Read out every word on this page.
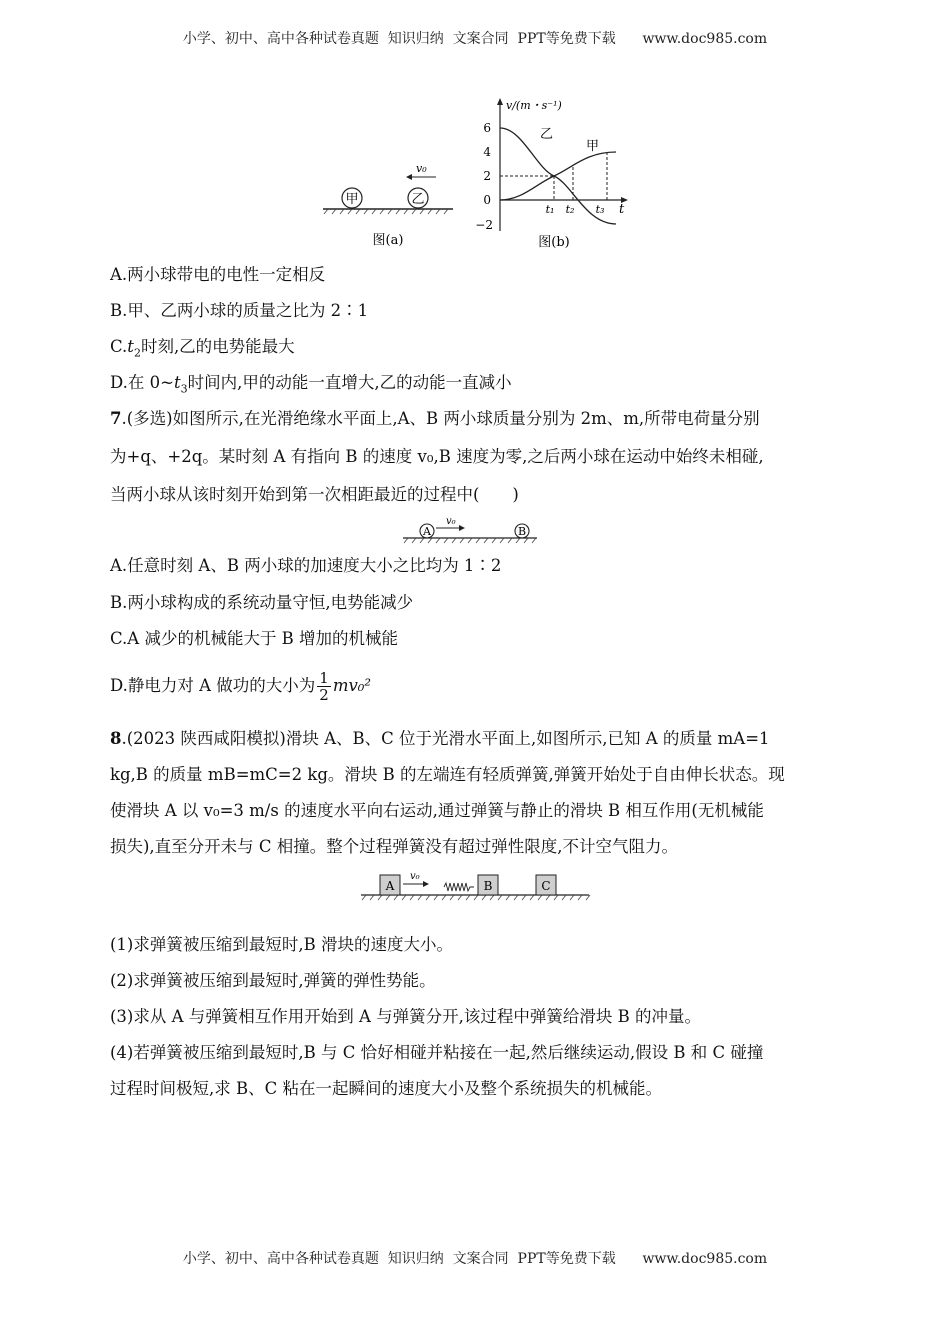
小学、初中、高中各种试卷真题  知识归纳  文案合同  PPT等免费下载      www.doc985.com
甲	乙
v₀
图(a)
v/(m・s⁻¹)
t
6
4
2
0
−2
乙
甲
t₁ t₂ t₃
图(b)
A.两小球带电的电性一定相反
B.甲、乙两小球的质量之比为 2∶1
$C.t_2$时刻,乙的电势能最大
D.在 $0\sim t_3$时间内,甲的动能一直增大,乙的动能一直减小
7.(多选)如图所示,在光滑绝缘水平面上,A、B 两小球质量分别为 2m、m,所带电荷量分别
为+q、+2q。某时刻 A 有指向 B 的速度 v₀,B 速度为零,之后两小球在运动中始终未相碰,
当两小球从该时刻开始到第一次相距最近的过程中(　　)
A	B
v₀
A.任意时刻 A、B 两小球的加速度大小之比均为 1∶2
B.两小球构成的系统动量守恒,电势能减少
C.A 减少的机械能大于 B 增加的机械能
D.静电力对 A 做功的大小为 $\frac{1}{2} mv_0^2$
8.(2023 陕西咸阳模拟)滑块 A、B、C 位于光滑水平面上,如图所示,已知 A 的质量 mA=1
kg,B 的质量 mB=mC=2 kg。滑块 B 的左端连有轻质弹簧,弹簧开始处于自由伸长状态。现
使滑块 A 以 v₀=3 m/s 的速度水平向右运动,通过弹簧与静止的滑块 B 相互作用(无机械能
损失),直至分开未与 C 相撞。整个过程弹簧没有超过弹性限度,不计空气阻力。
A
v₀
B	C
(1)求弹簧被压缩到最短时,B 滑块的速度大小。
(2)求弹簧被压缩到最短时,弹簧的弹性势能。
(3)求从 A 与弹簧相互作用开始到 A 与弹簧分开,该过程中弹簧给滑块 B 的冲量。
(4)若弹簧被压缩到最短时,B 与 C 恰好相碰并粘接在一起,然后继续运动,假设 B 和 C 碰撞
过程时间极短,求 B、C 粘在一起瞬间的速度大小及整个系统损失的机械能。
小学、初中、高中各种试卷真题  知识归纳  文案合同  PPT等免费下载      www.doc985.com
